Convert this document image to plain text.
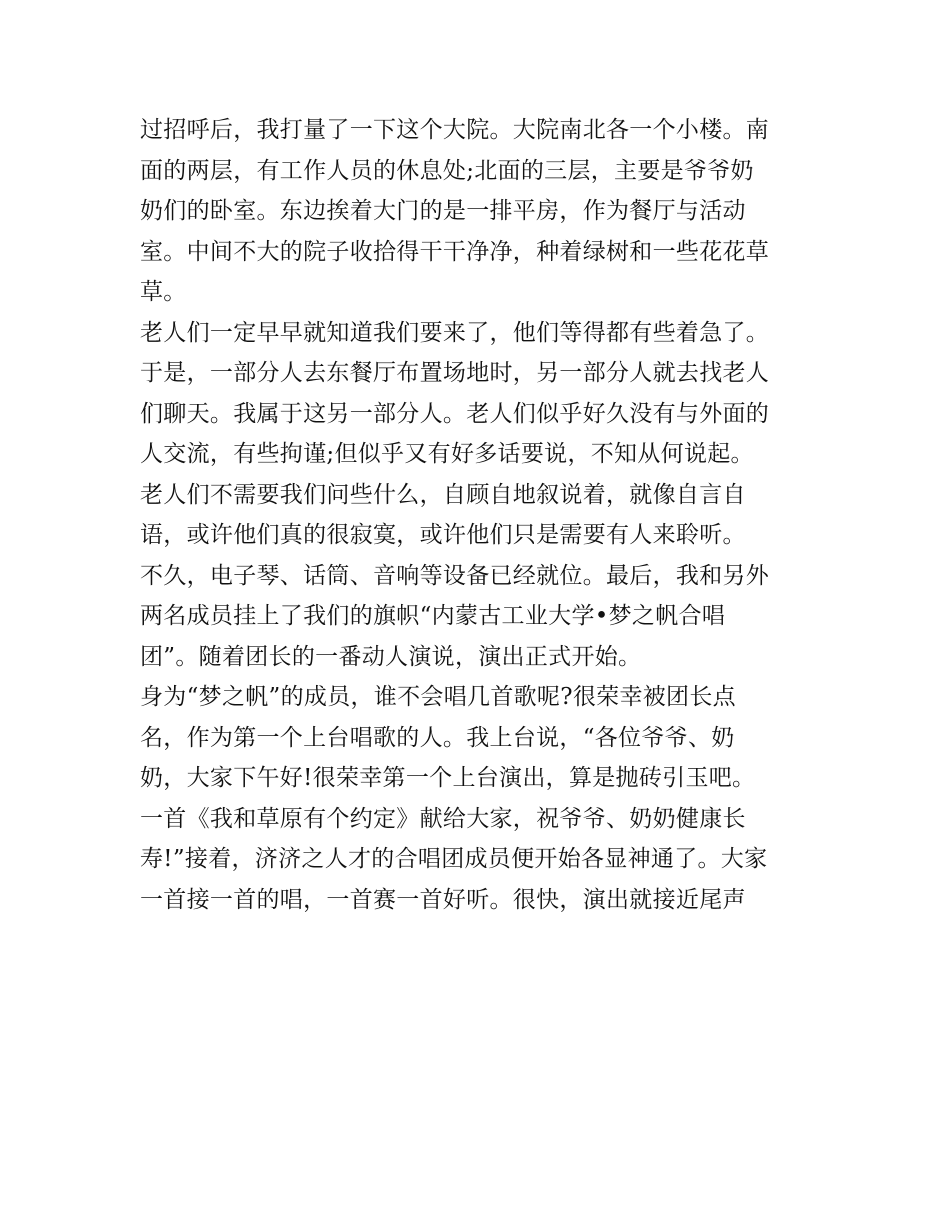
过招呼后，我打量了一下这个大院。大院南北各一个小楼。南
面的两层，有工作人员的休息处;北面的三层，主要是爷爷奶
奶们的卧室。东边挨着大门的是一排平房，作为餐厅与活动
室。中间不大的院子收拾得干干净净，种着绿树和一些花花草
草。
老人们一定早早就知道我们要来了，他们等得都有些着急了。
于是，一部分人去东餐厅布置场地时，另一部分人就去找老人
们聊天。我属于这另一部分人。老人们似乎好久没有与外面的
人交流，有些拘谨;但似乎又有好多话要说，不知从何说起。
老人们不需要我们问些什么，自顾自地叙说着，就像自言自
语，或许他们真的很寂寞，或许他们只是需要有人来聆听。
不久，电子琴、话筒、音响等设备已经就位。最后，我和另外
两名成员挂上了我们的旗帜“内蒙古工业大学•梦之帆合唱
团”。随着团长的一番动人演说，演出正式开始。
身为“梦之帆”的成员，谁不会唱几首歌呢?很荣幸被团长点
名，作为第一个上台唱歌的人。我上台说，“各位爷爷、奶
奶，大家下午好!很荣幸第一个上台演出，算是抛砖引玉吧。
一首《我和草原有个约定》献给大家，祝爷爷、奶奶健康长
寿!”接着，济济之人才的合唱团成员便开始各显神通了。大家
一首接一首的唱，一首赛一首好听。很快，演出就接近尾声
